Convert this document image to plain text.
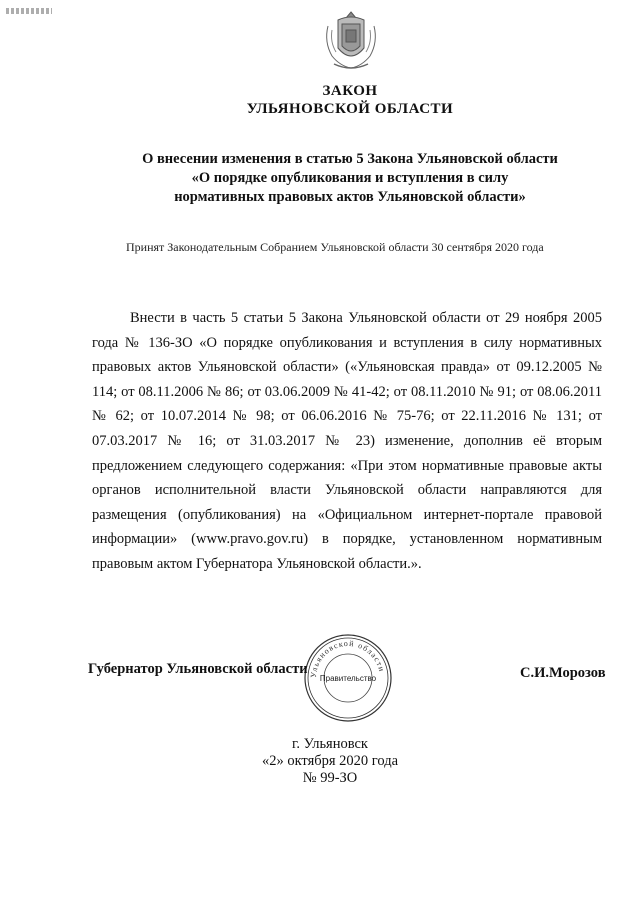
ЗАКОН
УЛЬЯНОВСКОЙ ОБЛАСТИ
О внесении изменения в статью 5 Закона Ульяновской области
«О порядке опубликования и вступления в силу
нормативных правовых актов Ульяновской области»
Принят Законодательным Собранием Ульяновской области 30 сентября 2020 года
Внести в часть 5 статьи 5 Закона Ульяновской области от 29 ноября 2005 года № 136-ЗО «О порядке опубликования и вступления в силу нормативных правовых актов Ульяновской области» («Ульяновская правда» от 09.12.2005 № 114; от 08.11.2006 № 86; от 03.06.2009 № 41-42; от 08.11.2010 № 91; от 08.06.2011 № 62; от 10.07.2014 № 98; от 06.06.2016 № 75-76; от 22.11.2016 № 131; от 07.03.2017 № 16; от 31.03.2017 № 23) изменение, дополнив её вторым предложением следующего содержания: «При этом нормативные правовые акты органов исполнительной власти Ульяновской области направляются для размещения (опубликования) на «Официальном интернет-портале правовой информации» (www.pravo.gov.ru) в порядке, установленном нормативным правовым актом Губернатора Ульяновской области.».
Ульяновской области
Правительство
Губернатор Ульяновской области	С.И.Морозов
г. Ульяновск
«2» октября 2020 года
№ 99-ЗО
